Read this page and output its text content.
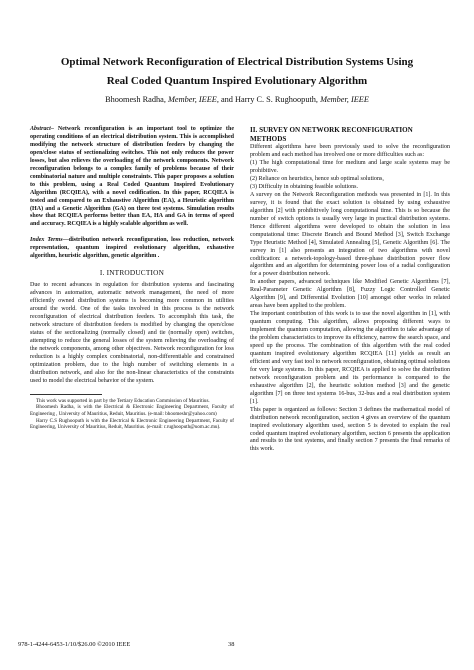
Optimal Network Reconfiguration of Electrical Distribution Systems Using
Real Coded Quantum Inspired Evolutionary Algorithm
Bhoomesh Radha, Member, IEEE, and Harry C. S. Rughooputh, Member, IEEE

Abstract– Network reconfiguration is an important tool to optimize the operating conditions of an electrical distribution system. This is accomplished modifying the network structure of distribution feeders by changing the open/close status of sectionalizing switches. This not only reduces the power losses, but also relieves the overloading of the network components. Network reconfiguration belongs to a complex family of problems because of their combinatorial nature and multiple constraints. This paper proposes a solution to this problem, using a Real Coded Quantum Inspired Evolutionary Algorithm (RCQIEA), with a novel codification. In this paper, RCQIEA is tested and compared to an Exhaustive Algorithm (EA), a Heuristic algorithm (HA) and a Genetic Algorithm (GA) on three test systems. Simulation results show that RCQIEA performs better than EA, HA and GA in terms of speed and accuracy. RCQIEA is a highly scalable algorithm as well.

Index Terms—distribution network reconfiguration, loss reduction, network representation, quantum inspired evolutionary algorithm, exhaustive algorithm, heuristic algorithm, genetic algorithm .

I. INTRODUCTION

Due to recent advances in regulation for distribution systems and fascinating advances in automation, automatic network management, the need of more efficiently owned distribution systems is becoming more common in utilities around the world. One of the tasks involved in this process is the network reconfiguration of electrical distribution feeders. To accomplish this task, the network structure of distribution feeders is modified by changing the open/close status of the sectionalizing (normally closed) and tie (normally open) switches, attempting to reduce the general losses of the system relieving the overloading of the network components, among other objectives. Network reconfiguration for loss reduction is a highly complex combinatorial, non-differentiable and constrained optimization problem, due to the high number of switching elements in a distribution network, and also for the non-linear characteristics of the constraints used to model the electrical behavior of the system.

This work was supported in part by the Tertiary Education Commission of Mauritius.

Bhoomesh Radha, is with the Electrical & Electronic Engineering Department, Faculty of Engineering , University of Mauritius, Reduit, Mauritius. (e-mail: bhoomeshr@yahoo.com)

Harry C.S Rughooputh is with the Electrical & Electronic Engineering Department, Faculty of Engineering, University of Mauritius, Reduit, Mauritius. (e-mail: r.rughooputh@uom.ac.mu).

II. SURVEY ON NETWORK RECONFIGURATION
METHODS

Different algorithms have been previously used to solve the reconfiguration problem and each method has involved one or more difficulties such as:

(1) The high computational time for medium and large scale systems may be prohibitive.

(2) Reliance on heuristics, hence sub optimal solutions,

(3) Difficulty in obtaining feasible solutions.

A survey on the Network Reconfiguration methods was presented in [1]. In this survey, it is found that the exact solution is obtained by using exhaustive algorithm [2] with prohibitively long computational time. This is so because the number of switch options is usually very large in practical distribution systems. Hence different algorithms were developed to obtain the solution in less computational time: Discrete Branch and Bound Method [3], Switch Exchange Type Heuristic Method [4], Simulated Annealing [5], Genetic Algorithm [6]. The survey in [1] also presents an integration of two algorithms with novel codification: a network-topology-based three-phase distribution power flow algorithm and an algorithm for determining power loss of a radial configuration for a power distribution network.

In another papers, advanced techniques like Modified Genetic Algorithms [7], Real-Parameter Genetic Algorithm [8], Fuzzy Logic Controlled Genetic Algorithm [9], and Differential Evolution [10] amongst other works in related areas have been applied to the problem.

The important contribution of this work is to use the novel algorithm in [1], with quantum computing. This algorithm, allows proposing different ways to implement the quantum computation, allowing the algorithm to take advantage of the problem characteristics to improve its efficiency, narrow the search space, and speed up the process. The combination of this algorithm with the real coded quantum inspired evolutionary algorithm RCQIEA [11] yields as result an efficient and very fast tool to network reconfiguration, obtaining optimal solutions for very large systems. In this paper, RCQIEA is applied to solve the distribution network reconfiguration problem and its performance is compared to the exhaustive algorithm [2], the heuristic solution method [3] and the genetic algorithm [7] on three test systems 16-bus, 32-bus and a real distribution system [1].

This paper is organized as follows: Section 3 defines the mathematical model of distribution network reconfiguration, section 4 gives an overview of the quantum inspired evolutionary algorithm used, section 5 is devoted to explain the real coded quantum inspired evolutionary algorithm, section 6 presents the application and results to the test systems, and finally section 7 presents the final remarks of this work.

978-1-4244-6453-1/10/$26.00 ©2010 IEEE	38
